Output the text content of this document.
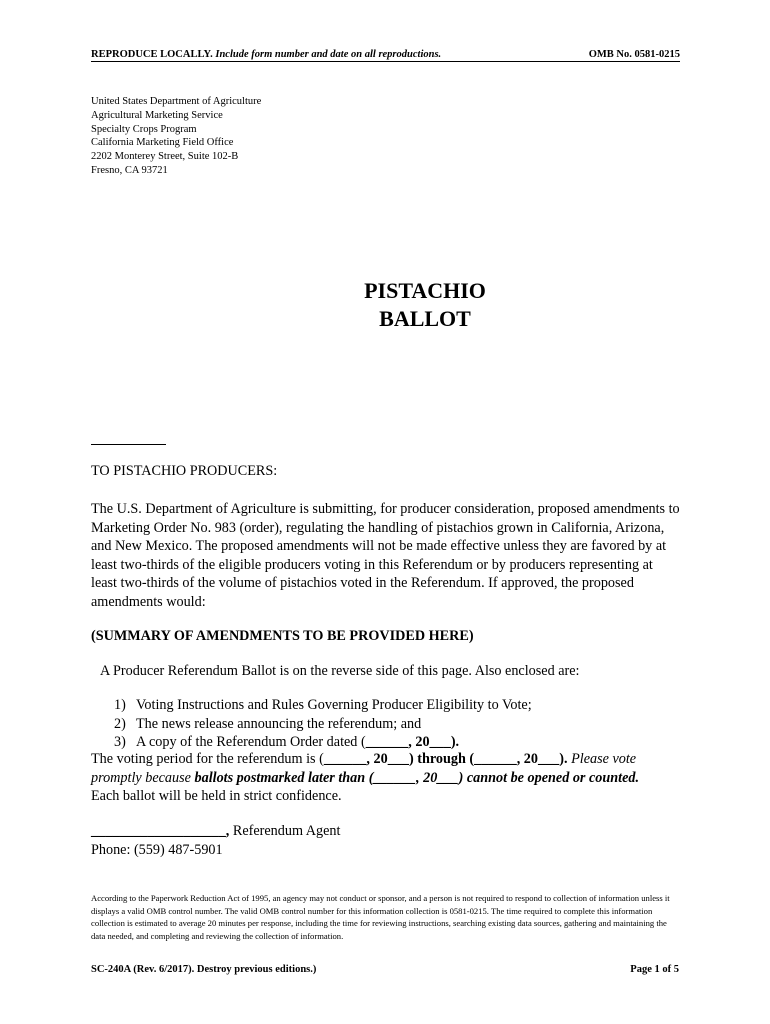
REPRODUCE LOCALLY. Include form number and date on all reproductions.	OMB No. 0581-0215
United States Department of Agriculture
Agricultural Marketing Service
Specialty Crops Program
California Marketing Field Office
2202 Monterey Street, Suite 102-B
Fresno, CA 93721
PISTACHIO
BALLOT
TO PISTACHIO PRODUCERS:
The U.S. Department of Agriculture is submitting, for producer consideration, proposed amendments to Marketing Order No. 983 (order), regulating the handling of pistachios grown in California, Arizona, and New Mexico. The proposed amendments will not be made effective unless they are favored by at least two-thirds of the eligible producers voting in this Referendum or by producers representing at least two-thirds of the volume of pistachios voted in the Referendum. If approved, the proposed amendments would:
(SUMMARY OF AMENDMENTS TO BE PROVIDED HERE)
A Producer Referendum Ballot is on the reverse side of this page. Also enclosed are:
1) Voting Instructions and Rules Governing Producer Eligibility to Vote;
2) The news release announcing the referendum; and
3) A copy of the Referendum Order dated (______, 20___).
The voting period for the referendum is (______, 20___) through (______, 20___). Please vote promptly because ballots postmarked later than (______, 20___) cannot be opened or counted.
Each ballot will be held in strict confidence.
___________________, Referendum Agent
Phone: (559) 487-5901
According to the Paperwork Reduction Act of 1995, an agency may not conduct or sponsor, and a person is not required to respond to collection of information unless it displays a valid OMB control number. The valid OMB control number for this information collection is 0581-0215. The time required to complete this information collection is estimated to average 20 minutes per response, including the time for reviewing instructions, searching existing data sources, gathering and maintaining the data needed, and completing and reviewing the collection of information.
SC-240A (Rev. 6/2017). Destroy previous editions.)	Page 1 of 5
